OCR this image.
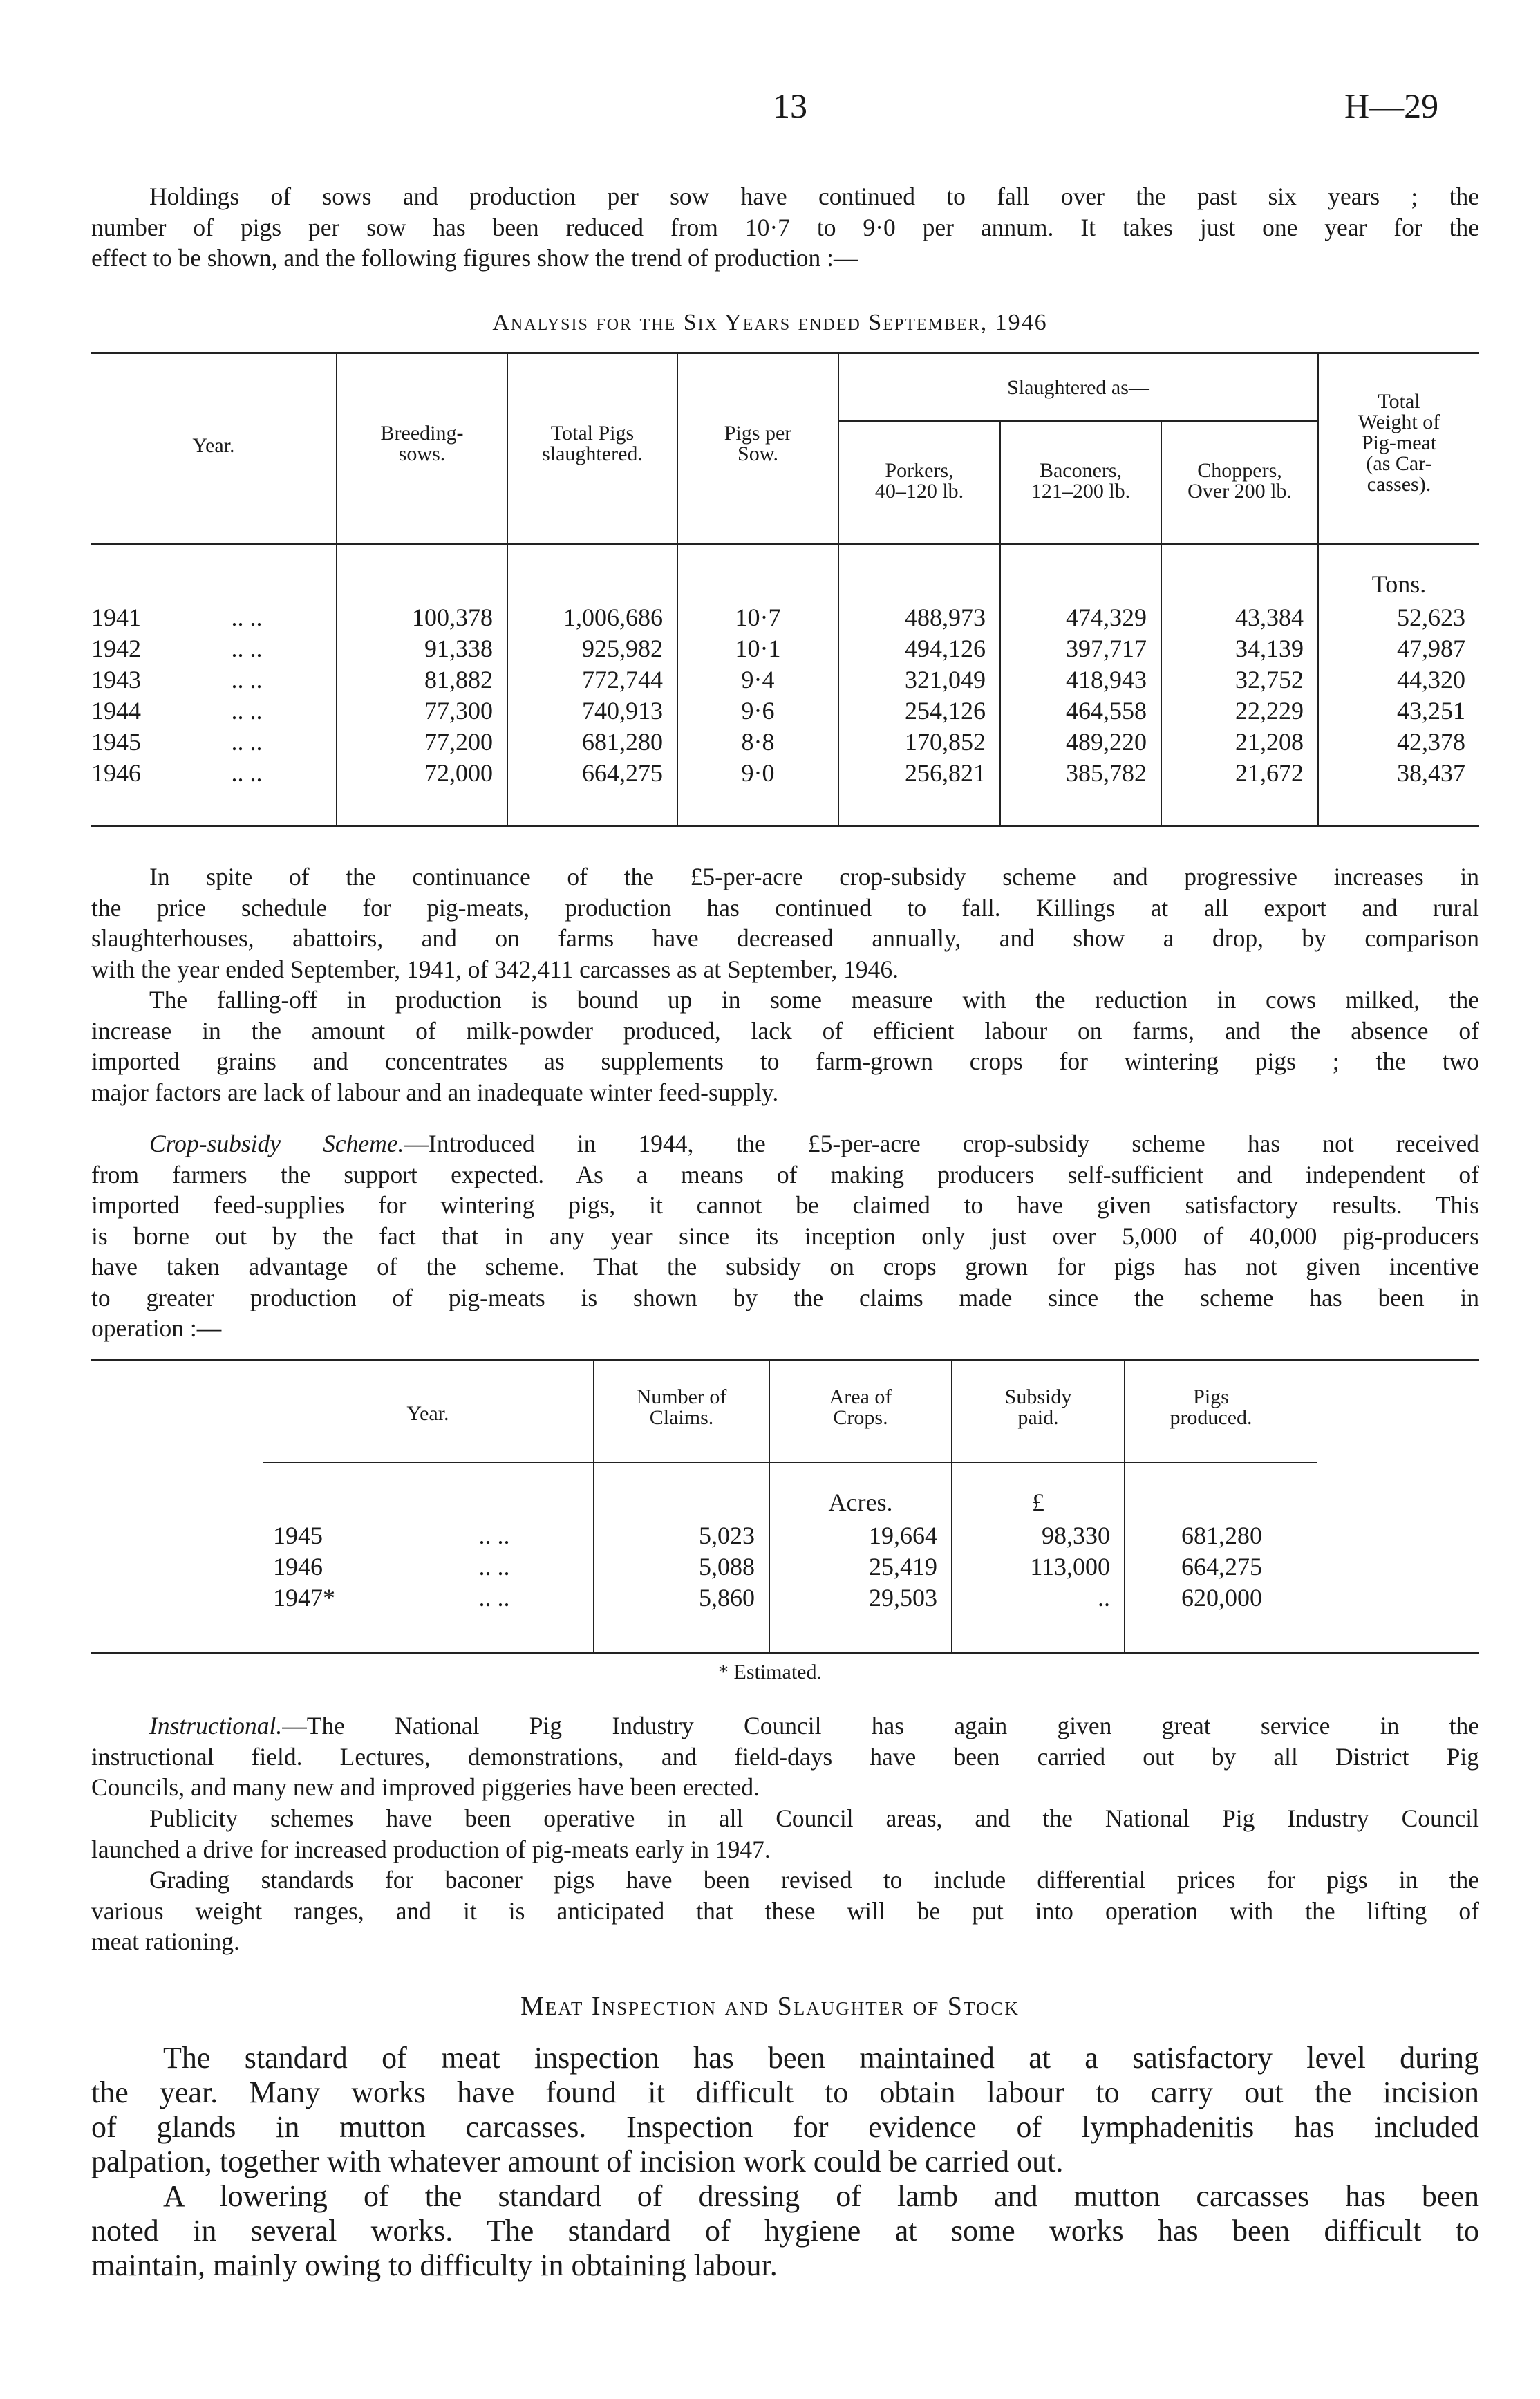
13	H—29
Holdings of sows and production per sow have continued to fall over the past six years ; the
number of pigs per sow has been reduced from 10·7 to 9·0 per annum. It takes just one year for the
effect to be shown, and the following figures show the trend of production :—
Analysis for the Six Years ended September, 1946
Year.
Breeding-
sows.
Total Pigs
slaughtered.
Pigs per
Sow.
Slaughtered as—
Porkers,
40–120 lb.
Baconers,
121–200 lb.
Choppers,
Over 200 lb.
Total
Weight of
Pig-meat
(as Car-
casses).
Tons.
1941	.. ..	100,378	1,006,686	10·7	488,973	474,329	43,384	52,623
1942	.. ..	91,338	925,982	10·1	494,126	397,717	34,139	47,987
1943	.. ..	81,882	772,744	9·4	321,049	418,943	32,752	44,320
1944	.. ..	77,300	740,913	9·6	254,126	464,558	22,229	43,251
1945	.. ..	77,200	681,280	8·8	170,852	489,220	21,208	42,378
1946	.. ..	72,000	664,275	9·0	256,821	385,782	21,672	38,437
In spite of the continuance of the £5-per-acre crop-subsidy scheme and progressive increases in
the price schedule for pig-meats, production has continued to fall. Killings at all export and rural
slaughterhouses, abattoirs, and on farms have decreased annually, and show a drop, by comparison
with the year ended September, 1941, of 342,411 carcasses as at September, 1946.
The falling-off in production is bound up in some measure with the reduction in cows milked, the
increase in the amount of milk-powder produced, lack of efficient labour on farms, and the absence of
imported grains and concentrates as supplements to farm-grown crops for wintering pigs ; the two
major factors are lack of labour and an inadequate winter feed-supply.
Crop-subsidy Scheme.—Introduced in 1944, the £5-per-acre crop-subsidy scheme has not received
from farmers the support expected. As a means of making producers self-sufficient and independent of
imported feed-supplies for wintering pigs, it cannot be claimed to have given satisfactory results. This
is borne out by the fact that in any year since its inception only just over 5,000 of 40,000 pig-producers
have taken advantage of the scheme. That the subsidy on crops grown for pigs has not given incentive
to greater production of pig-meats is shown by the claims made since the scheme has been in
operation :—
Year.
Number of
Claims.
Area of
Crops.
Subsidy
paid.
Pigs
produced.
Acres.	£
1945	.. ..	5,023	19,664	98,330	681,280
1946	.. ..	5,088	25,419	113,000	664,275
1947*	.. ..	5,860	29,503	..	620,000
* Estimated.
Instructional.—The National Pig Industry Council has again given great service in the
instructional field. Lectures, demonstrations, and field-days have been carried out by all District Pig
Councils, and many new and improved piggeries have been erected.
Publicity schemes have been operative in all Council areas, and the National Pig Industry Council
launched a drive for increased production of pig-meats early in 1947.
Grading standards for baconer pigs have been revised to include differential prices for pigs in the
various weight ranges, and it is anticipated that these will be put into operation with the lifting of
meat rationing.
Meat Inspection and Slaughter of Stock
The standard of meat inspection has been maintained at a satisfactory level during
the year. Many works have found it difficult to obtain labour to carry out the incision
of glands in mutton carcasses. Inspection for evidence of lymphadenitis has included
palpation, together with whatever amount of incision work could be carried out.
A lowering of the standard of dressing of lamb and mutton carcasses has been
noted in several works. The standard of hygiene at some works has been difficult to
maintain, mainly owing to difficulty in obtaining labour.
